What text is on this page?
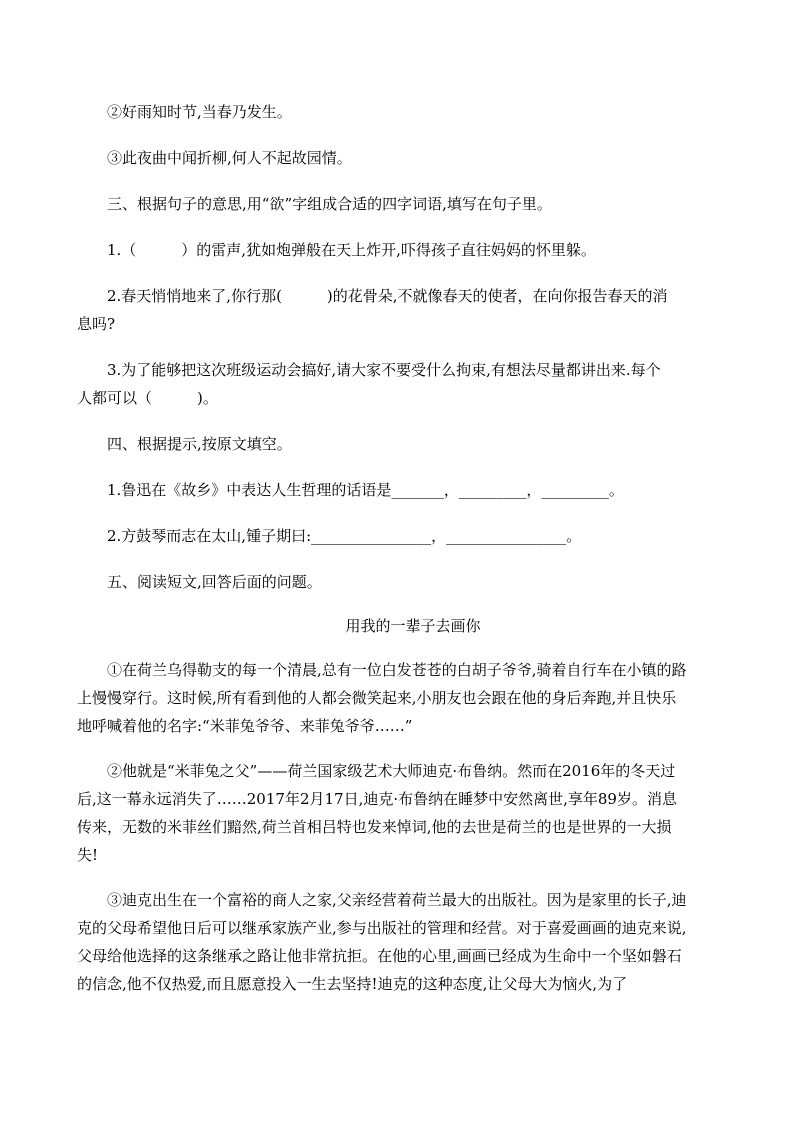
②好雨知时节,当春乃发生。

③此夜曲中闻折柳,何人不起故园情。

三、根据句子的意思,用“欲”字组成合适的四字词语,填写在句子里。

1.（　　　）的雷声,犹如炮弹般在天上炸开,吓得孩子直往妈妈的怀里躲。

2.春天悄悄地来了,你行那(　　　)的花骨朵,不就像春天的使者，在向你报告春天的消

息吗?

3.为了能够把这次班级运动会搞好,请大家不要受什么拘束,有想法尽量都讲出来.每个

人都可以（　　　)。

四、根据提示,按原文填空。

1.鲁迅在《故乡》中表达人生哲理的话语是_______，_________，_________。

2.方鼓琴而志在太山,锺子期曰:________________，________________。

五、阅读短文,回答后面的问题。

用我的一辈子去画你

①在荷兰乌得勒支的每一个清晨,总有一位白发苍苍的白胡子爷爷,骑着自行车在小镇的路上慢慢穿行。这时候,所有看到他的人都会微笑起来,小朋友也会跟在他的身后奔跑,并且快乐地呼喊着他的名字:“米菲兔爷爷、来菲兔爷爷……”

②他就是“米菲兔之父”——荷兰国家级艺术大师迪克·布鲁纳。然而在2016年的冬天过后,这一幕永远消失了……2017年2月17日,迪克·布鲁纳在睡梦中安然离世,享年89岁。消息传来，无数的米菲丝们黯然,荷兰首相吕特也发来悼词,他的去世是荷兰的也是世界的一大损失!

③迪克出生在一个富裕的商人之家,父亲经营着荷兰最大的出版社。因为是家里的长子,迪克的父母希望他日后可以继承家族产业,参与出版社的管理和经营。对于喜爱画画的迪克来说,父母给他选择的这条继承之路让他非常抗拒。在他的心里,画画已经成为生命中一个坚如磐石的信念,他不仅热爱,而且愿意投入一生去坚持!迪克的这种态度,让父母大为恼火,为了
